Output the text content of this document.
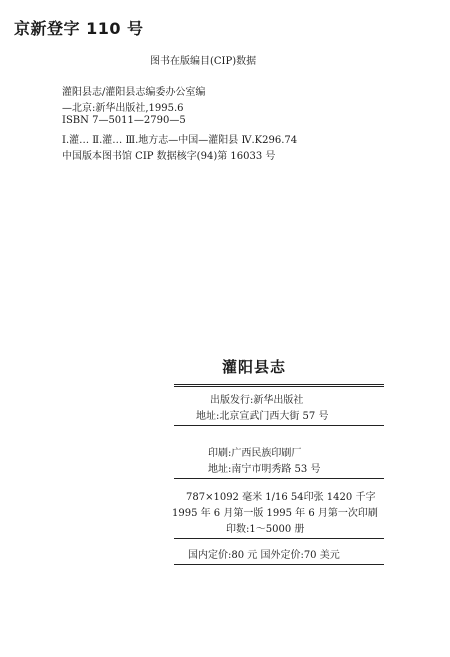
京新登字 110 号
图书在版编目(CIP)数据
灌阳县志/灌阳县志编委办公室编
—北京:新华出版社,1995.6
ISBN 7—5011—2790—5
Ⅰ.灌… Ⅱ.灌… Ⅲ.地方志—中国—灌阳县 Ⅳ.K296.74
中国版本图书馆 CIP 数据核字(94)第 16033 号
灌阳县志
出版发行:新华出版社
地址:北京宣武门西大街 57 号
印刷:广西民族印刷厂
地址:南宁市明秀路 53 号
787×1092 毫米 1/16 54印张 1420 千字
1995 年 6 月第一版 1995 年 6 月第一次印刷
印数:1～5000 册
国内定价:80 元 国外定价:70 美元
